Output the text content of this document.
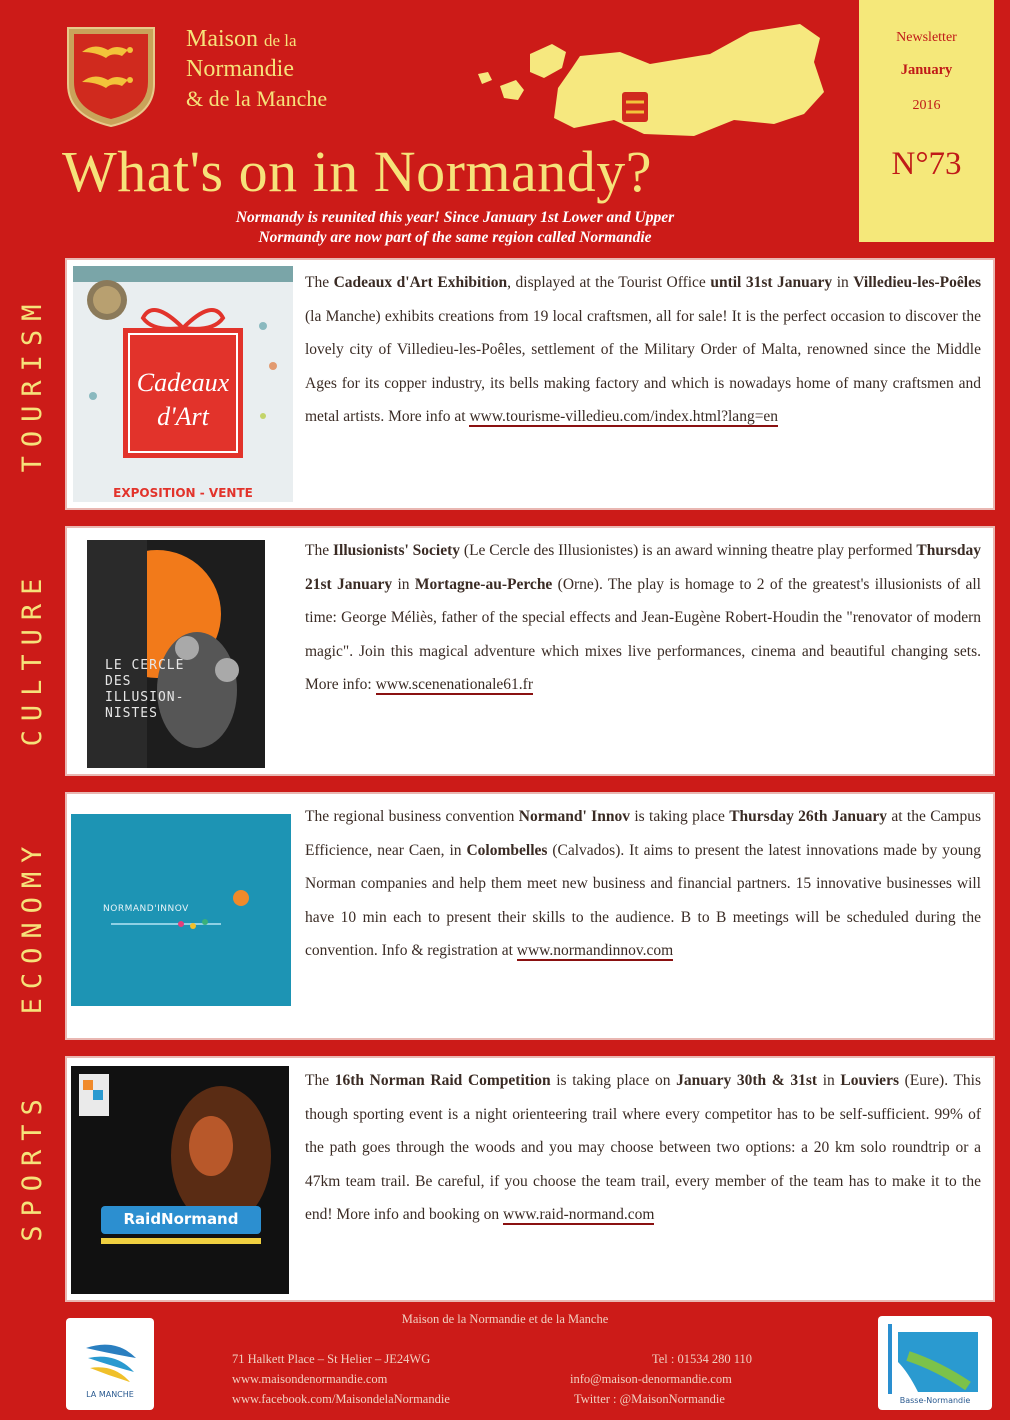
Maison de la
Normandie
& de la Manche
What's on in Normandy?
Normandy is reunited this year! Since January 1st Lower and Upper
Normandy are now part of the same region called Normandie
Newsletter
January
2016
N°73
TOURISM
CULTURE
ECONOMY
SPORTS
Cadeaux
d'Art
EXPOSITION - VENTE

The Cadeaux d'Art Exhibition, displayed at the Tourist Office until 31st January in Villedieu-les-Poêles (la Manche) exhibits creations from 19 local craftsmen, all for sale! It is the perfect occasion to discover the lovely city of Villedieu-les-Poêles, settlement of the Military Order of Malta, renowned since the Middle Ages for its copper industry, its bells making factory and which is nowadays home of many craftsmen and metal artists. More info at www.tourisme-villedieu.com/index.html?lang=en

LE CERCLE DES ILLUSION- NISTES

The Illusionists' Society (Le Cercle des Illusionistes) is an award winning theatre play performed Thursday 21st January in Mortagne-au-Perche (Orne). The play is homage to 2 of the greatest's illusionists of all time: George Méliès, father of the special effects and Jean-Eugène Robert-Houdin the "renovator of modern magic". Join this magical adventure which mixes live performances, cinema and beautiful changing sets. More info: www.scenenationale61.fr

NORMAND'INNOV

The regional business convention Normand' Innov is taking place Thursday 26th January at the Campus Efficience, near Caen, in Colombelles (Calvados). It aims to present the latest innovations made by young Norman companies and help them meet new business and financial partners. 15 innovative businesses will have 10 min each to present their skills to the audience. B to B meetings will be scheduled during the convention. Info & registration at www.normandinnov.com

RaidNormand

The 16th Norman Raid Competition is taking place on January 30th & 31st in Louviers (Eure). This though sporting event is a night orienteering trail where every competitor has to be self-sufficient. 99% of the path goes through the woods and you may choose between two options: a 20 km solo roundtrip or a 47km team trail. Be careful, if you choose the team trail, every member of the team has to make it to the end! More info and booking on www.raid-normand.com

LA MANCHE
Maison de la Normandie et de la Manche
71 Halkett Place – St Helier – JE24WG
www.maisondenormandie.com
www.facebook.com/MaisondelaNormandie
Tel : 01534 280 110
info@maison-denormandie.com
Twitter : @MaisonNormandie	Basse-Normandie
